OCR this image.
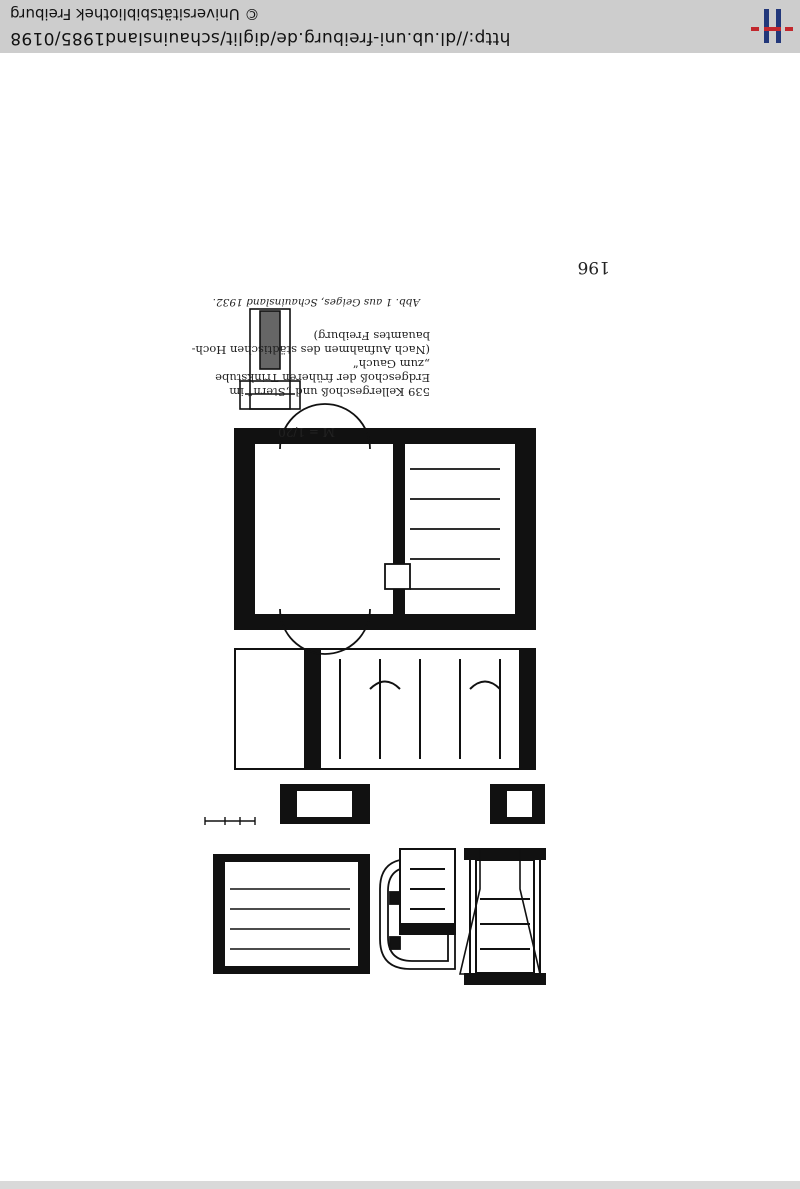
M = 1/20
539 Kellergeschoß und „Stern“ im
Erdgeschoß der früheren Trinkstube
„zum Gauch“
(Nach Aufnahmen des städtischen Hoch-
bauamtes Freiburg)
Abb. 1 aus Geiges, Schauinsland 1932.
196
http://dl.ub.uni-freiburg.de/diglit/schauinsland1985/0198
© Universitätsbibliothek Freiburg
